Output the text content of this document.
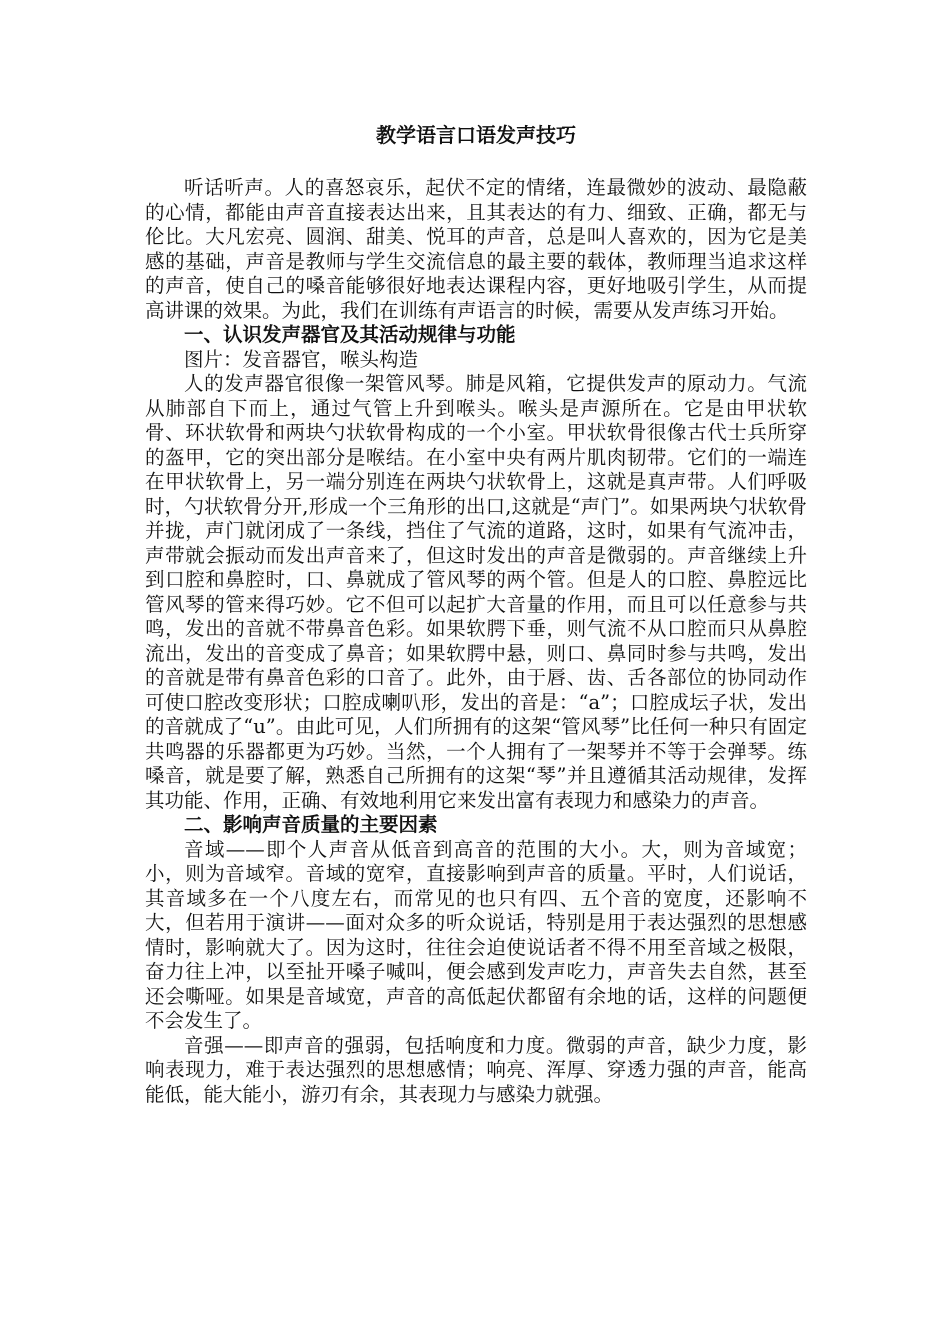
教学语言口语发声技巧

听话听声。人的喜怒哀乐，起伏不定的情绪，连最微妙的波动、最隐蔽的心情，都能由声音直接表达出来，且其表达的有力、细致、正确，都无与伦比。大凡宏亮、圆润、甜美、悦耳的声音，总是叫人喜欢的，因为它是美感的基础，声音是教师与学生交流信息的最主要的载体，教师理当追求这样的声音，使自己的嗓音能够很好地表达课程内容，更好地吸引学生，从而提高讲课的效果。为此，我们在训练有声语言的时候，需要从发声练习开始。

一、认识发声器官及其活动规律与功能

图片：发音器官，喉头构造

人的发声器官很像一架管风琴。肺是风箱，它提供发声的原动力。气流从肺部自下而上，通过气管上升到喉头。喉头是声源所在。它是由甲状软骨、环状软骨和两块勺状软骨构成的一个小室。甲状软骨很像古代士兵所穿的盔甲，它的突出部分是喉结。在小室中央有两片肌肉韧带。它们的一端连在甲状软骨上，另一端分别连在两块勺状软骨上，这就是真声带。人们呼吸时，勺状软骨分开,形成一个三角形的出口,这就是“声门”。如果两块勺状软骨并拢，声门就闭成了一条线，挡住了气流的道路，这时，如果有气流冲击，声带就会振动而发出声音来了，但这时发出的声音是微弱的。声音继续上升到口腔和鼻腔时，口、鼻就成了管风琴的两个管。但是人的口腔、鼻腔远比管风琴的管来得巧妙。它不但可以起扩大音量的作用，而且可以任意参与共鸣，发出的音就不带鼻音色彩。如果软腭下垂，则气流不从口腔而只从鼻腔流出，发出的音变成了鼻音；如果软腭中悬，则口、鼻同时参与共鸣，发出的音就是带有鼻音色彩的口音了。此外，由于唇、齿、舌各部位的协同动作可使口腔改变形状；口腔成喇叭形，发出的音是：“a”；口腔成坛子状，发出的音就成了“u”。由此可见，人们所拥有的这架“管风琴”比任何一种只有固定共鸣器的乐器都更为巧妙。当然，一个人拥有了一架琴并不等于会弹琴。练嗓音，就是要了解，熟悉自己所拥有的这架“琴”并且遵循其活动规律，发挥其功能、作用，正确、有效地利用它来发出富有表现力和感染力的声音。

二、影响声音质量的主要因素

音域——即个人声音从低音到高音的范围的大小。大，则为音域宽；小，则为音域窄。音域的宽窄，直接影响到声音的质量。平时，人们说话，其音域多在一个八度左右，而常见的也只有四、五个音的宽度，还影响不大，但若用于演讲——面对众多的听众说话，特别是用于表达强烈的思想感情时，影响就大了。因为这时，往往会迫使说话者不得不用至音域之极限，奋力往上冲，以至扯开嗓子喊叫，便会感到发声吃力，声音失去自然，甚至还会嘶哑。如果是音域宽，声音的高低起伏都留有余地的话，这样的问题便不会发生了。

音强——即声音的强弱，包括响度和力度。微弱的声音，缺少力度，影响表现力，难于表达强烈的思想感情；响亮、浑厚、穿透力强的声音，能高能低，能大能小，游刃有余，其表现力与感染力就强。
